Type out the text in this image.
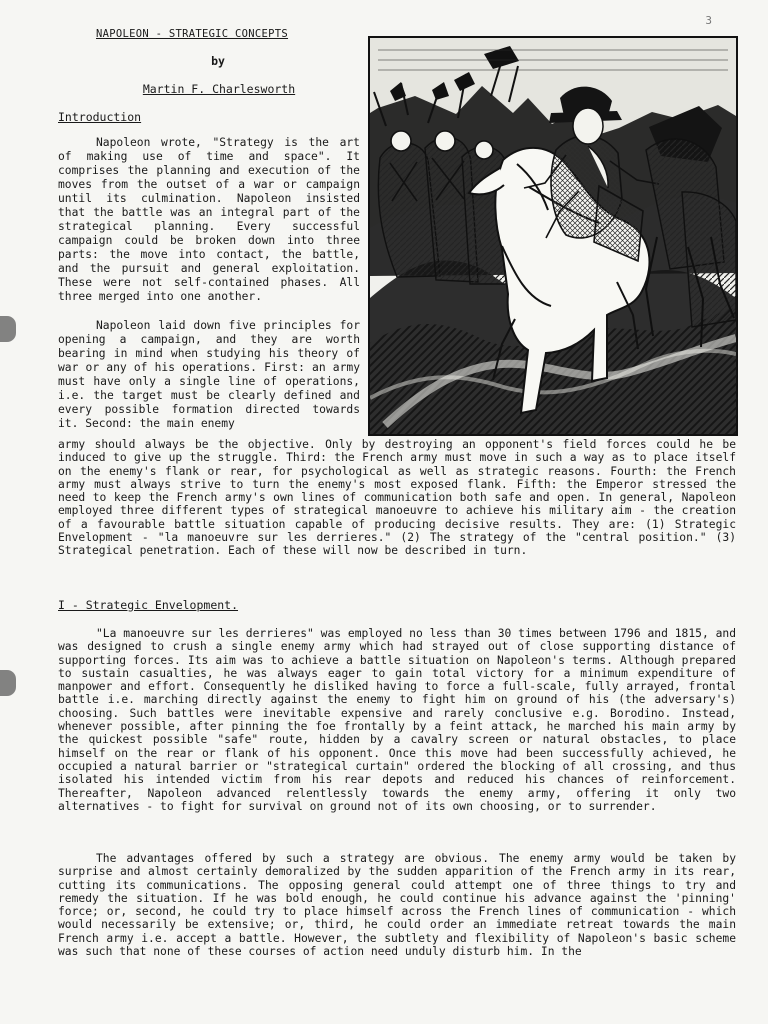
3
NAPOLEON - STRATEGIC CONCEPTS
by
Martin F. Charlesworth
Introduction

Napoleon wrote, "Strategy is the art of making use of time and space". It comprises the planning and execution of the moves from the outset of a war or campaign until its culmination. Napoleon insisted that the battle was an integral part of the strategical planning. Every successful campaign could be broken down into three parts: the move into contact, the battle, and the pursuit and general exploitation. These were not self-contained phases. All three merged into one another.

Napoleon laid down five principles for opening a campaign, and they are worth bearing in mind when studying his theory of war or any of his operations. First: an army must have only a single line of operations, i.e. the target must be clearly defined and every possible formation directed towards it. Second: the main enemy

army should always be the objective. Only by destroying an opponent's field forces could he be induced to give up the struggle. Third: the French army must move in such a way as to place itself on the enemy's flank or rear, for psychological as well as strategic reasons. Fourth: the French army must always strive to turn the enemy's most exposed flank. Fifth: the Emperor stressed the need to keep the French army's own lines of communication both safe and open. In general, Napoleon employed three different types of strategical manoeuvre to achieve his military aim - the creation of a favourable battle situation capable of producing decisive results. They are: (1) Strategic Envelopment - "la manoeuvre sur les derrieres." (2) The strategy of the "central position." (3) Strategical penetration. Each of these will now be described in turn.

I - Strategic Envelopment.

"La manoeuvre sur les derrieres" was employed no less than 30 times between 1796 and 1815, and was designed to crush a single enemy army which had strayed out of close supporting distance of supporting forces. Its aim was to achieve a battle situation on Napoleon's terms. Although prepared to sustain casualties, he was always eager to gain total victory for a minimum expenditure of manpower and effort. Consequently he disliked having to force a full-scale, fully arrayed, frontal battle i.e. marching directly against the enemy to fight him on ground of his (the adversary's) choosing. Such battles were inevitable expensive and rarely conclusive e.g. Borodino. Instead, whenever possible, after pinning the foe frontally by a feint attack, he marched his main army by the quickest possible "safe" route, hidden by a cavalry screen or natural obstacles, to place himself on the rear or flank of his opponent. Once this move had been successfully achieved, he occupied a natural barrier or "strategical curtain" ordered the blocking of all crossing, and thus isolated his intended victim from his rear depots and reduced his chances of reinforcement. Thereafter, Napoleon advanced relentlessly towards the enemy army, offering it only two alternatives - to fight for survival on ground not of its own choosing, or to surrender.

The advantages offered by such a strategy are obvious. The enemy army would be taken by surprise and almost certainly demoralized by the sudden apparition of the French army in its rear, cutting its communications. The opposing general could attempt one of three things to try and remedy the situation. If he was bold enough, he could continue his advance against the 'pinning' force; or, second, he could try to place himself across the French lines of communication - which would necessarily be extensive; or, third, he could order an immediate retreat towards the main French army i.e. accept a battle. However, the subtlety and flexibility of Napoleon's basic scheme was such that none of these courses of action need unduly disturb him. In the
